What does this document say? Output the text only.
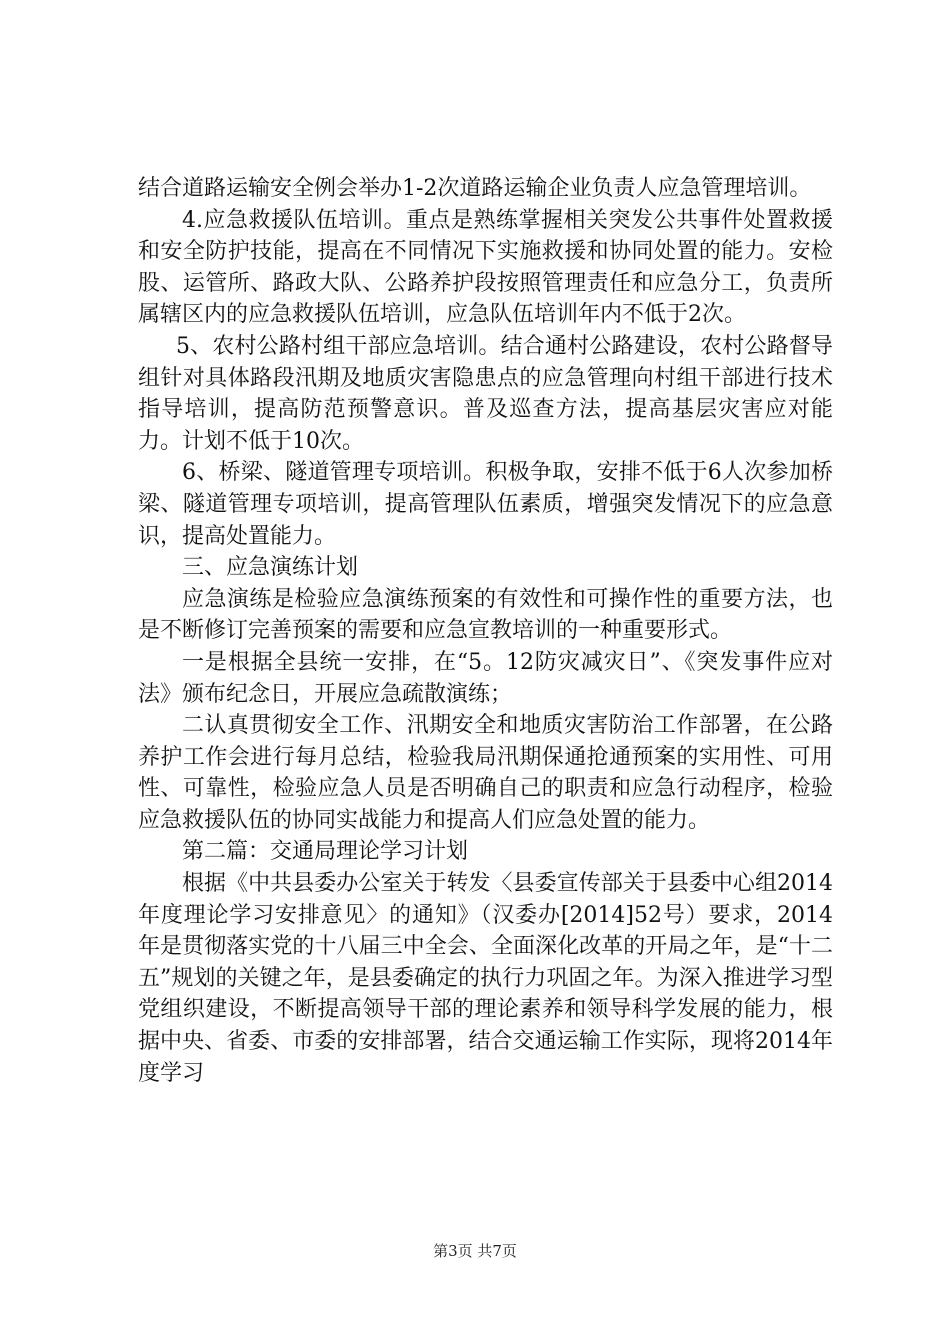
结合道路运输安全例会举办1-2次道路运输企业负责人应急管理培训。

4.应急救援队伍培训。重点是熟练掌握相关突发公共事件处置救援和安全防护技能，提高在不同情况下实施救援和协同处置的能力。安检股、运管所、路政大队、公路养护段按照管理责任和应急分工，负责所属辖区内的应急救援队伍培训，应急队伍培训年内不低于2次。

5、农村公路村组干部应急培训。结合通村公路建设，农村公路督导组针对具体路段汛期及地质灾害隐患点的应急管理向村组干部进行技术指导培训，提高防范预警意识。普及巡查方法，提高基层灾害应对能力。计划不低于10次。

6、桥梁、隧道管理专项培训。积极争取，安排不低于6人次参加桥梁、隧道管理专项培训，提高管理队伍素质，增强突发情况下的应急意识，提高处置能力。

三、应急演练计划

应急演练是检验应急演练预案的有效性和可操作性的重要方法，也是不断修订完善预案的需要和应急宣教培训的一种重要形式。

一是根据全县统一安排，在“5。12防灾减灾日”、《突发事件应对法》颁布纪念日，开展应急疏散演练；

二认真贯彻安全工作、汛期安全和地质灾害防治工作部署，在公路养护工作会进行每月总结，检验我局汛期保通抢通预案的实用性、可用性、可靠性，检验应急人员是否明确自己的职责和应急行动程序，检验应急救援队伍的协同实战能力和提高人们应急处置的能力。

第二篇：交通局理论学习计划

根据《中共县委办公室关于转发〈县委宣传部关于县委中心组2014年度理论学习安排意见〉的通知》（汉委办[2014]52号）要求，2014年是贯彻落实党的十八届三中全会、全面深化改革的开局之年，是“十二五”规划的关键之年，是县委确定的执行力巩固之年。为深入推进学习型党组织建设，不断提高领导干部的理论素养和领导科学发展的能力，根据中央、省委、市委的安排部署，结合交通运输工作实际，现将2014年度学习

第3页 共7页
